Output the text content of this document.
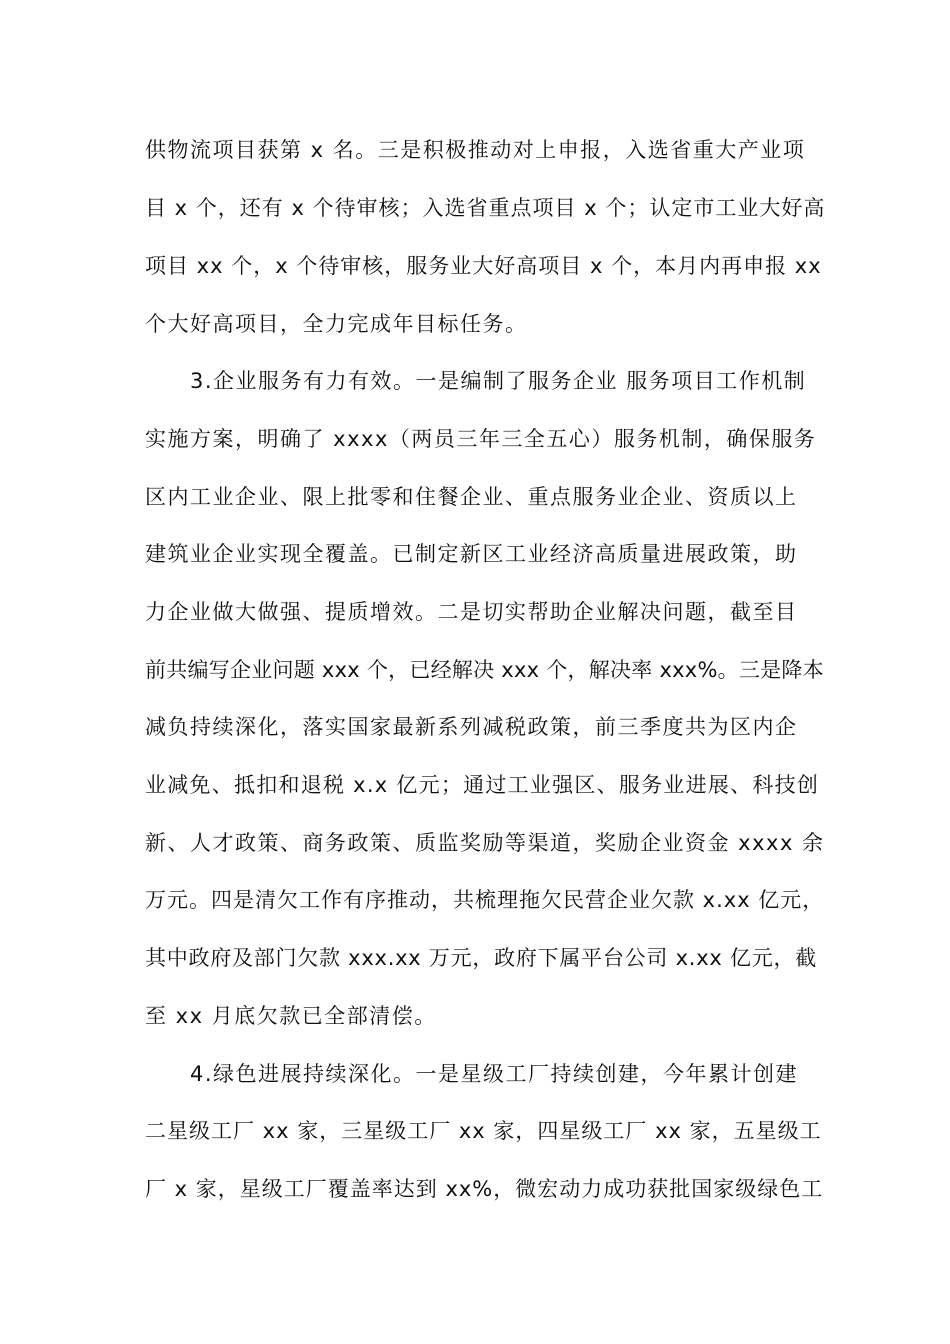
供物流项目获第 x 名。三是积极推动对上申报，入选省重大产业项

目 x 个，还有 x 个待审核；入选省重点项目 x 个；认定市工业大好高

项目 xx 个，x 个待审核，服务业大好高项目 x 个，本月内再申报 xx

个大好高项目，全力完成年目标任务。

3.企业服务有力有效。一是编制了服务企业 服务项目工作机制

实施方案，明确了 xxxx（两员三年三全五心）服务机制，确保服务

区内工业企业、限上批零和住餐企业、重点服务业企业、资质以上

建筑业企业实现全覆盖。已制定新区工业经济高质量进展政策，助

力企业做大做强、提质增效。二是切实帮助企业解决问题，截至目

前共编写企业问题 xxx 个，已经解决 xxx 个，解决率 xxx%。三是降本

减负持续深化，落实国家最新系列减税政策，前三季度共为区内企

业减免、抵扣和退税 x.x 亿元；通过工业强区、服务业进展、科技创

新、人才政策、商务政策、质监奖励等渠道，奖励企业资金 xxxx 余

万元。四是清欠工作有序推动，共梳理拖欠民营企业欠款 x.xx 亿元，

其中政府及部门欠款 xxx.xx 万元，政府下属平台公司 x.xx 亿元，截

至 xx 月底欠款已全部清偿。

4.绿色进展持续深化。一是星级工厂持续创建，今年累计创建

二星级工厂 xx 家，三星级工厂 xx 家，四星级工厂 xx 家，五星级工

厂 x 家，星级工厂覆盖率达到 xx%，微宏动力成功获批国家级绿色工
